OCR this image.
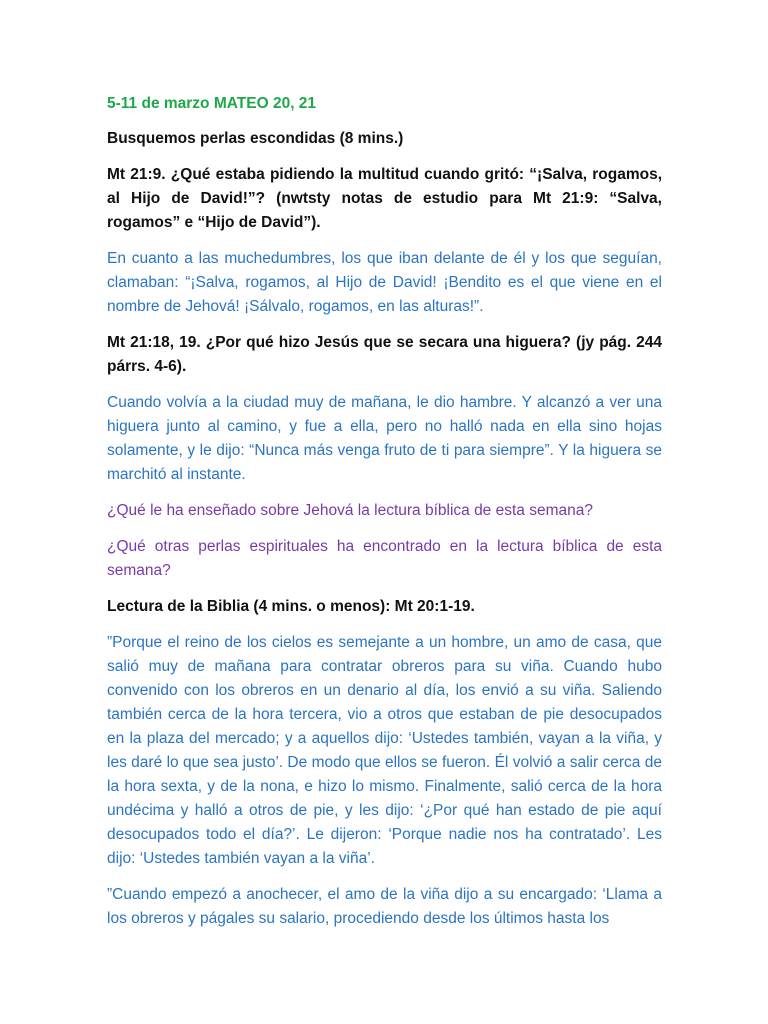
5-11 de marzo MATEO 20, 21

Busquemos perlas escondidas (8 mins.)

Mt 21:9. ¿Qué estaba pidiendo la multitud cuando gritó: “¡Salva, rogamos, al Hijo de David!”? (nwtsty notas de estudio para Mt 21:9: “Salva, rogamos” e “Hijo de David”).

En cuanto a las muchedumbres, los que iban delante de él y los que seguían, clamaban: “¡Salva, rogamos, al Hijo de David! ¡Bendito es el que viene en el nombre de Jehová! ¡Sálvalo, rogamos, en las alturas!”.

Mt 21:18, 19. ¿Por qué hizo Jesús que se secara una higuera? (jy pág. 244 párrs. 4-6).

Cuando volvía a la ciudad muy de mañana, le dio hambre. Y alcanzó a ver una higuera junto al camino, y fue a ella, pero no halló nada en ella sino hojas solamente, y le dijo: “Nunca más venga fruto de ti para siempre”. Y la higuera se marchitó al instante.

¿Qué le ha enseñado sobre Jehová la lectura bíblica de esta semana?

¿Qué otras perlas espirituales ha encontrado en la lectura bíblica de esta semana?

Lectura de la Biblia (4 mins. o menos): Mt 20:1-19.

”Porque el reino de los cielos es semejante a un hombre, un amo de casa, que salió muy de mañana para contratar obreros para su viña. Cuando hubo convenido con los obreros en un denario al día, los envió a su viña. Saliendo también cerca de la hora tercera, vio a otros que estaban de pie desocupados en la plaza del mercado; y a aquellos dijo: ‘Ustedes también, vayan a la viña, y les daré lo que sea justo’. De modo que ellos se fueron. Él volvió a salir cerca de la hora sexta, y de la nona, e hizo lo mismo. Finalmente, salió cerca de la hora undécima y halló a otros de pie, y les dijo: ‘¿Por qué han estado de pie aquí desocupados todo el día?’. Le dijeron: ‘Porque nadie nos ha contratado’. Les dijo: ‘Ustedes también vayan a la viña’.

”Cuando empezó a anochecer, el amo de la viña dijo a su encargado: ‘Llama a los obreros y págales su salario, procediendo desde los últimos hasta los
